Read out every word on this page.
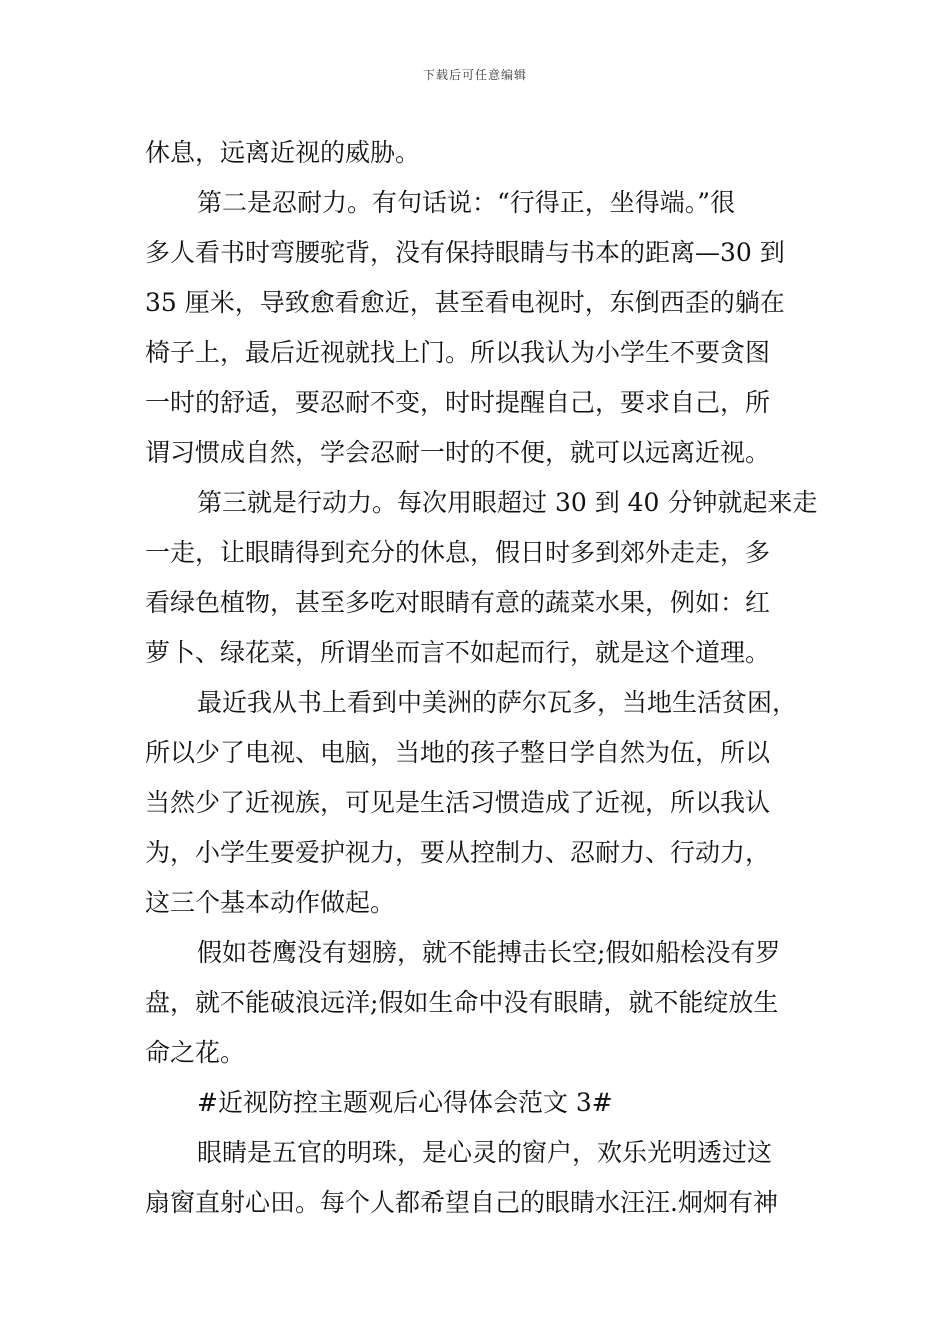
下载后可任意编辑
休息，远离近视的威胁。
第二是忍耐力。有句话说：“行得正，坐得端。”很
多人看书时弯腰驼背，没有保持眼睛与书本的距离—30 到
35 厘米，导致愈看愈近，甚至看电视时，东倒西歪的躺在
椅子上，最后近视就找上门。所以我认为小学生不要贪图
一时的舒适，要忍耐不变，时时提醒自己，要求自己，所
谓习惯成自然，学会忍耐一时的不便，就可以远离近视。
第三就是行动力。每次用眼超过 30 到 40 分钟就起来走
一走，让眼睛得到充分的休息，假日时多到郊外走走，多
看绿色植物，甚至多吃对眼睛有意的蔬菜水果，例如：红
萝卜、绿花菜，所谓坐而言不如起而行，就是这个道理。
最近我从书上看到中美洲的萨尔瓦多，当地生活贫困，
所以少了电视、电脑，当地的孩子整日学自然为伍，所以
当然少了近视族，可见是生活习惯造成了近视，所以我认
为，小学生要爱护视力，要从控制力、忍耐力、行动力，
这三个基本动作做起。
假如苍鹰没有翅膀，就不能搏击长空;假如船桧没有罗
盘，就不能破浪远洋;假如生命中没有眼睛，就不能绽放生
命之花。
#近视防控主题观后心得体会范文 3#
眼睛是五官的明珠，是心灵的窗户，欢乐光明透过这
扇窗直射心田。每个人都希望自己的眼睛水汪汪.炯炯有神
